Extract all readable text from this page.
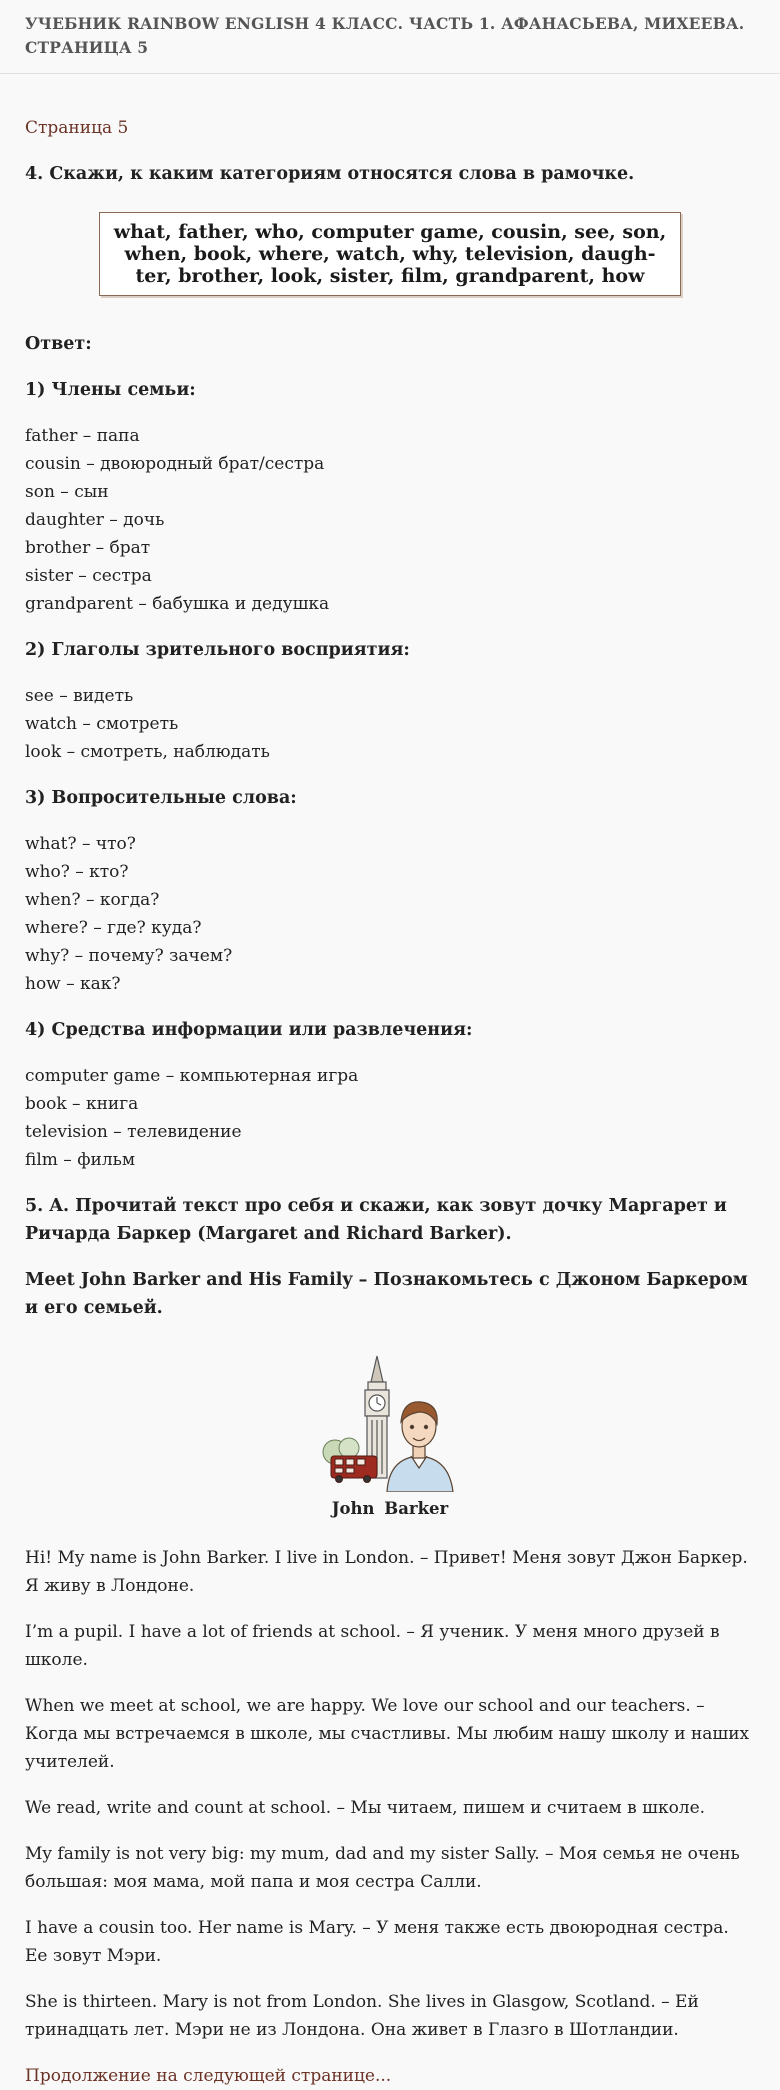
УЧЕБНИК RAINBOW ENGLISH 4 КЛАСС. ЧАСТЬ 1. АФАНАСЬЕВА, МИХЕЕВА. СТРАНИЦА 5
Страница 5

4. Скажи, к каким категориям относятся слова в рамочке.

what, father, who, computer game, cousin, see, son,
when, book, where, watch, why, television, daugh-
ter, brother, look, sister, film, grandparent, how

Ответ:

1) Члены семьи:

father – папа
cousin – двоюродный брат/сестра
son – сын
daughter – дочь
brother – брат
sister – сестра
grandparent – бабушка и дедушка

2) Глаголы зрительного восприятия:

see – видеть
watch – смотреть
look – смотреть, наблюдать

3) Вопросительные слова:

what? – что?
who? – кто?
when? – когда?
where? – где? куда?
why? – почему? зачем?
how – как?

4) Средства информации или развлечения:

computer game – компьютерная игра
book – книга
television – телевидение
film – фильм

5. A. Прочитай текст про себя и скажи, как зовут дочку Маргарет и Ричарда Баркер (Margaret and Richard Barker).

Meet John Barker and His Family – Познакомьтесь с Джоном Баркером и его семьей.

John Barker

Hi! My name is John Barker. I live in London. – Привет! Меня зовут Джон Баркер. Я живу в Лондоне.

I’m a pupil. I have a lot of friends at school. – Я ученик. У меня много друзей в школе.

When we meet at school, we are happy. We love our school and our teachers. – Когда мы встречаемся в школе, мы счастливы. Мы любим нашу школу и наших учителей.

We read, write and count at school. – Мы читаем, пишем и считаем в школе.

My family is not very big: my mum, dad and my sister Sally. – Моя семья не очень большая: моя мама, мой папа и моя сестра Салли.

I have a cousin too. Her name is Mary. – У меня также есть двоюродная сестра. Ее зовут Мэри.

She is thirteen. Mary is not from London. She lives in Glasgow, Scotland. – Ей тринадцать лет. Мэри не из Лондона. Она живет в Глазго в Шотландии.

Продолжение на следующей странице...
